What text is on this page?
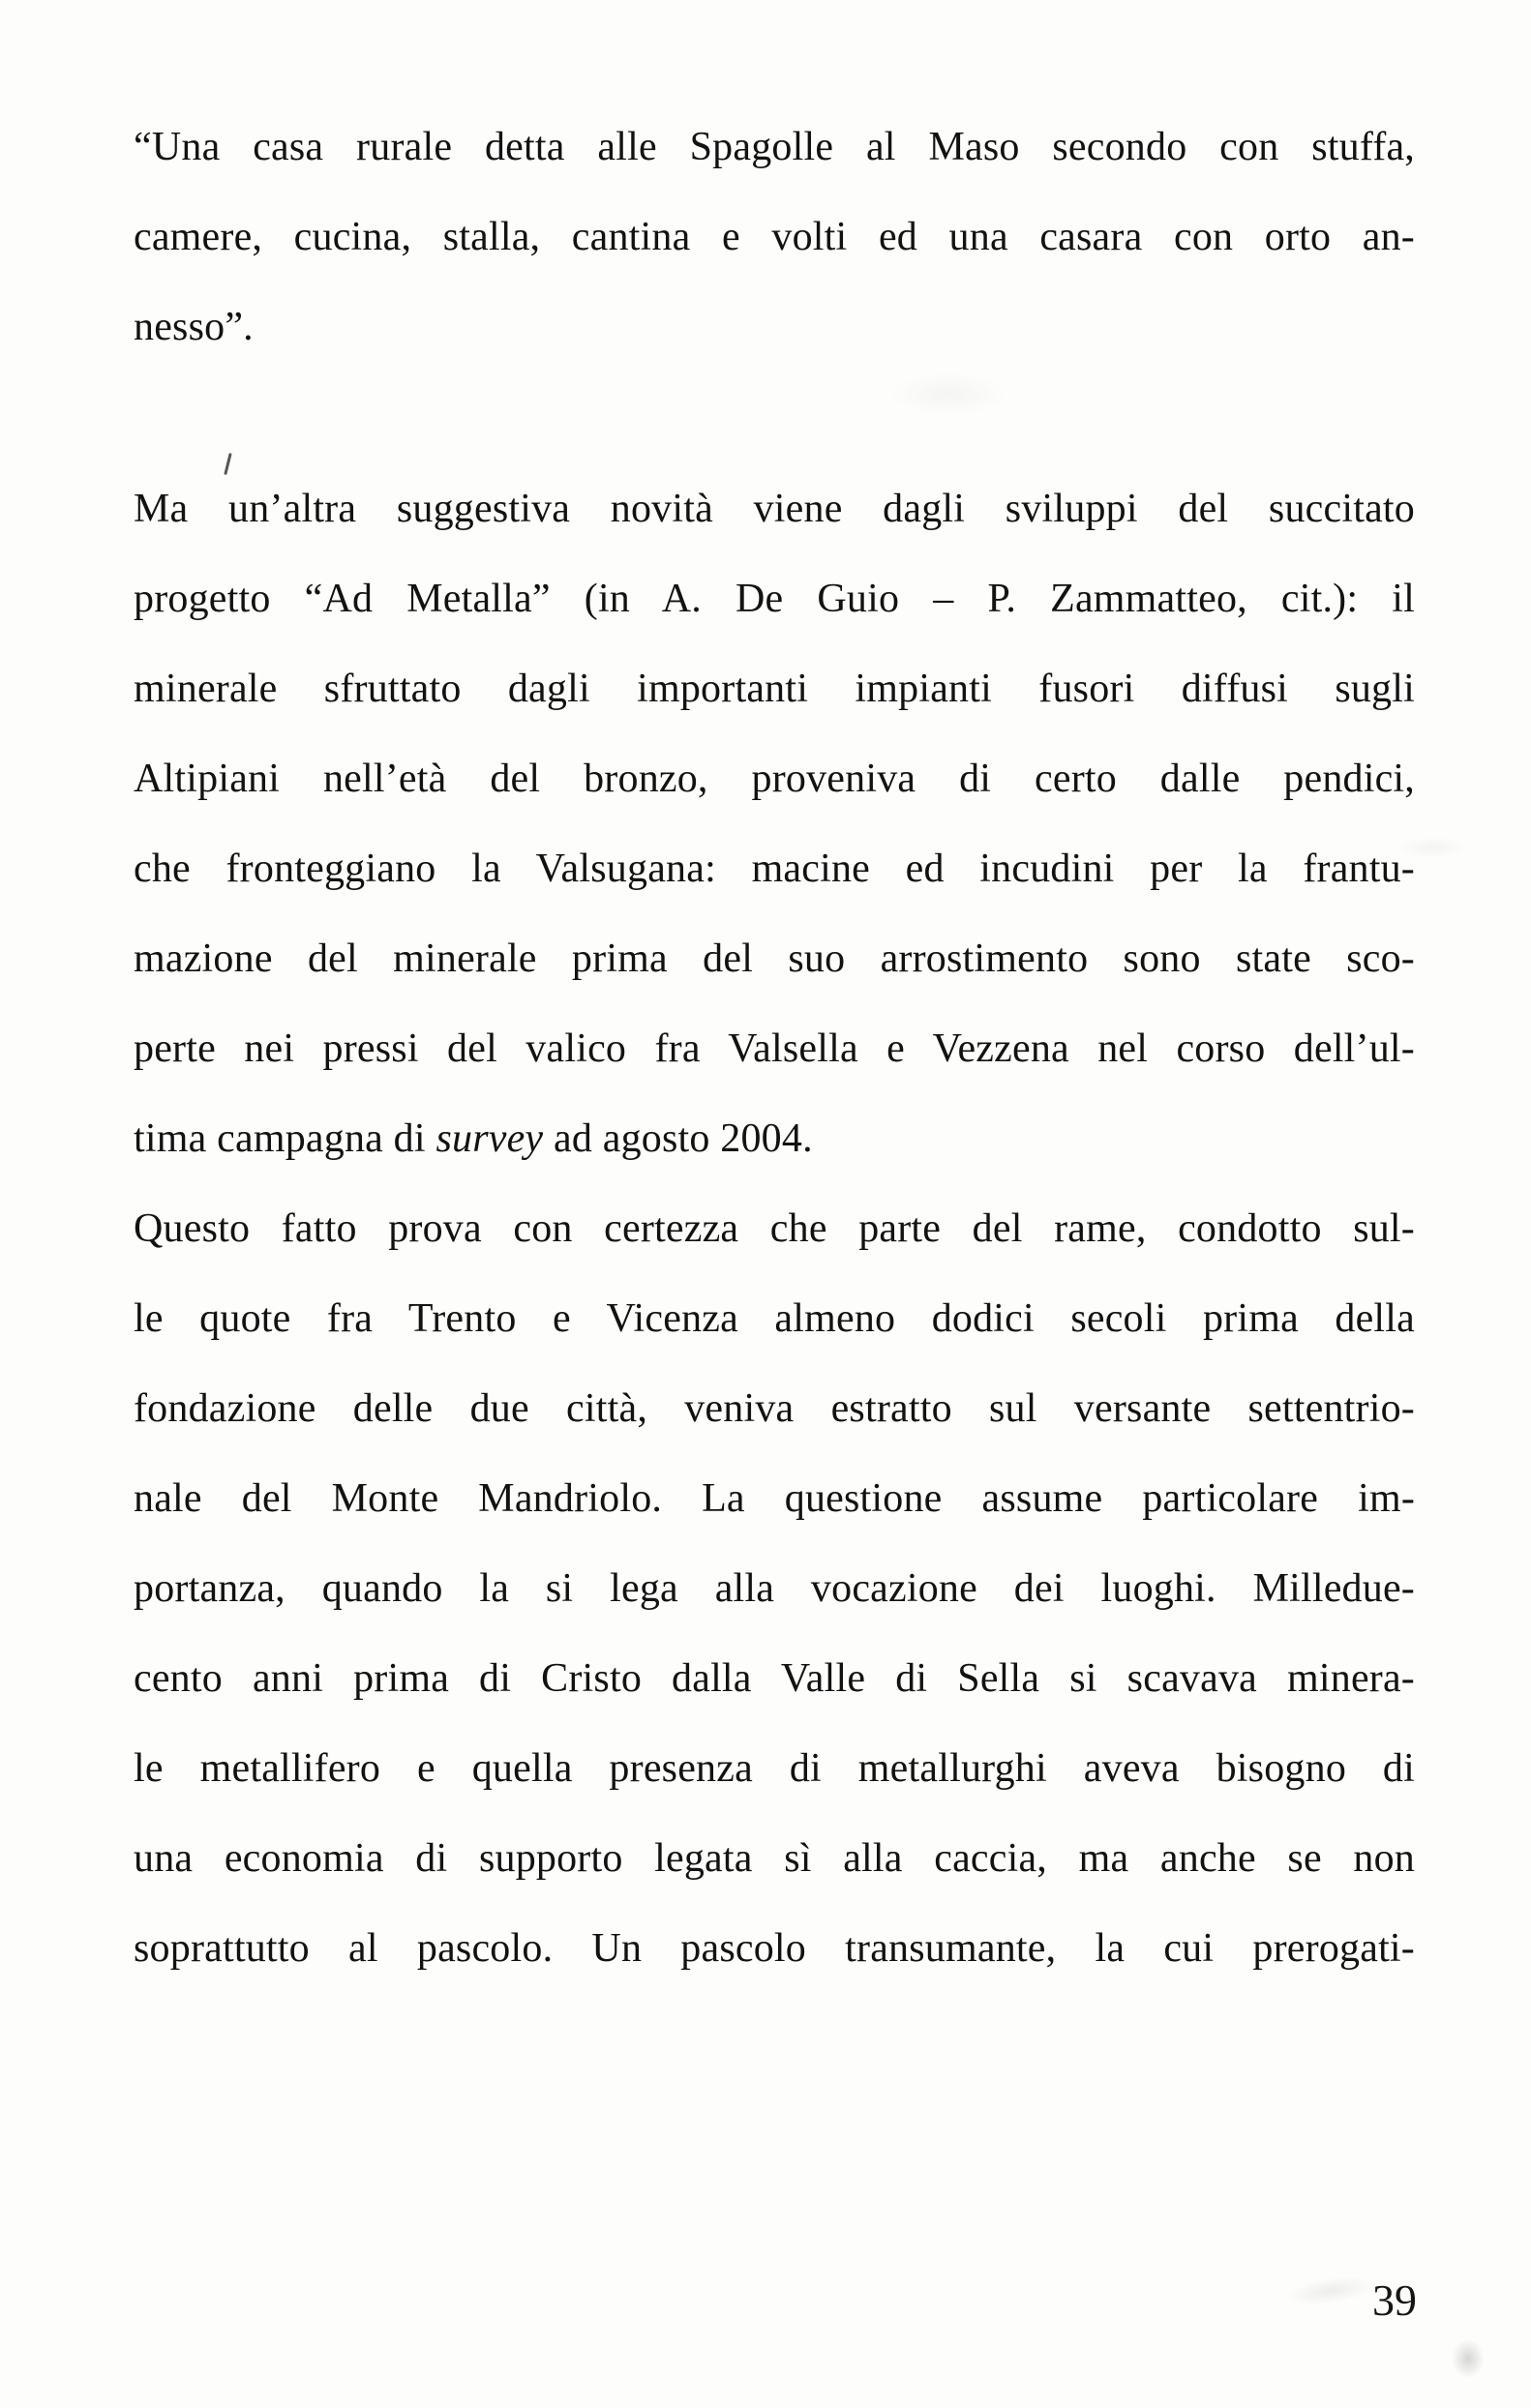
“Una casa rurale detta alle Spagolle al Maso secondo con stuffa,
camere, cucina, stalla, cantina e volti ed una casara con orto an-
nesso”.
Ma un’altra suggestiva novità viene dagli sviluppi del succitato
progetto “Ad Metalla” (in A. De Guio – P. Zammatteo, cit.): il
minerale sfruttato dagli importanti impianti fusori diffusi sugli
Altipiani nell’età del bronzo, proveniva di certo dalle pendici,
che fronteggiano la Valsugana: macine ed incudini per la frantu-
mazione del minerale prima del suo arrostimento sono state sco-
perte nei pressi del valico fra Valsella e Vezzena nel corso dell’ul-
tima campagna di survey ad agosto 2004.
Questo fatto prova con certezza che parte del rame, condotto sul-
le quote fra Trento e Vicenza almeno dodici secoli prima della
fondazione delle due città, veniva estratto sul versante settentrio-
nale del Monte Mandriolo. La questione assume particolare im-
portanza, quando la si lega alla vocazione dei luoghi. Milledue-
cento anni prima di Cristo dalla Valle di Sella si scavava minera-
le metallifero e quella presenza di metallurghi aveva bisogno di
una economia di supporto legata sì alla caccia, ma anche se non
soprattutto al pascolo. Un pascolo transumante, la cui prerogati-
39
